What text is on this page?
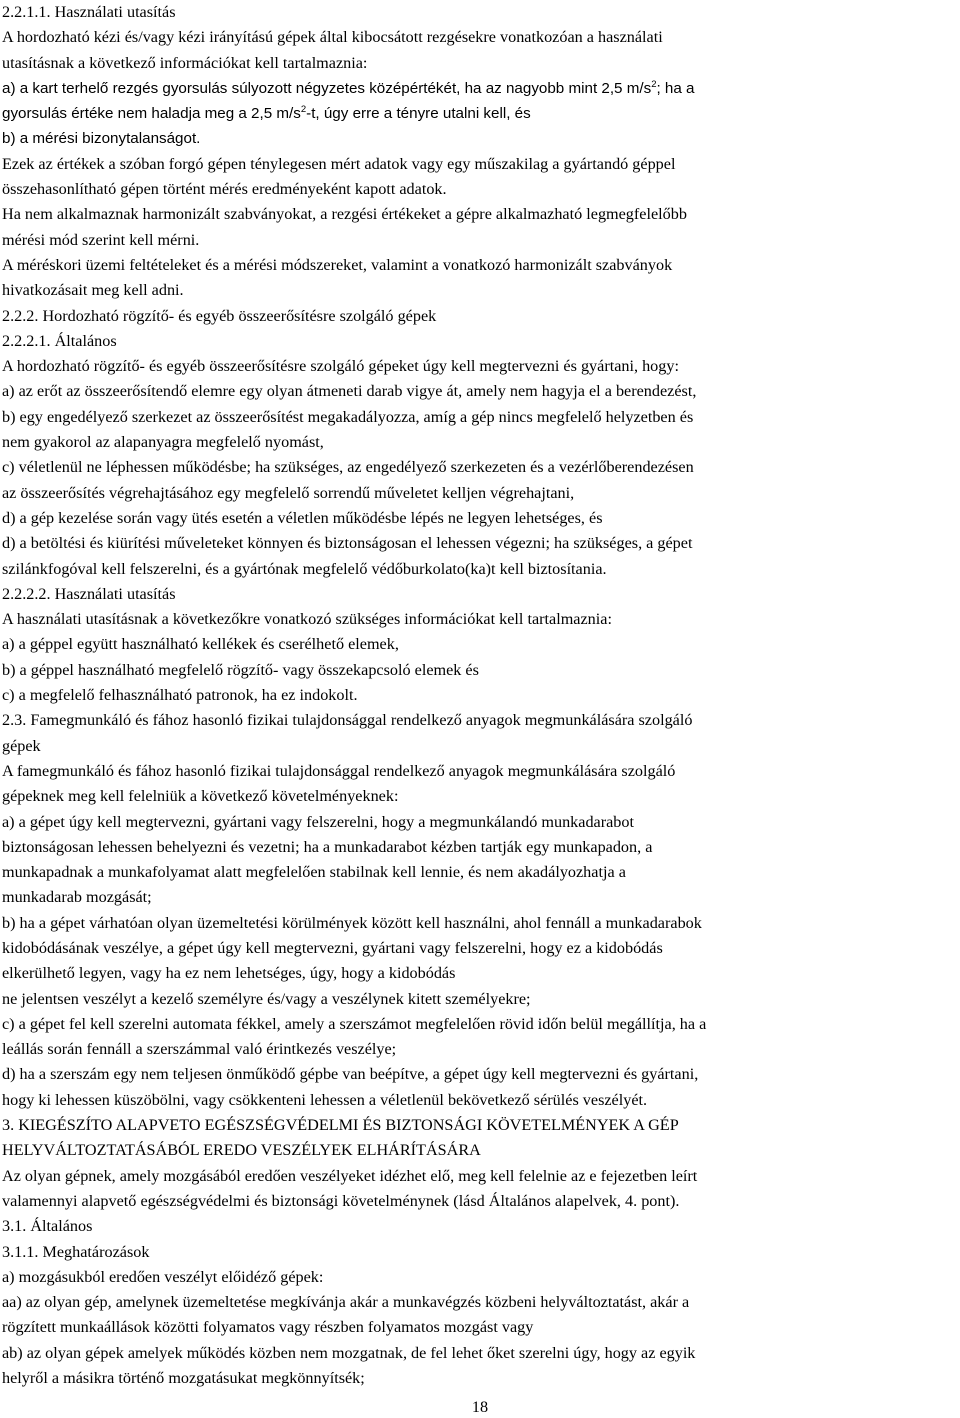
2.2.1.1. Használati utasítás
A hordozható kézi és/vagy kézi irányítású gépek által kibocsátott rezgésekre vonatkozóan a használati
utasításnak a következő információkat kell tartalmaznia:
a) a kart terhelő rezgés gyorsulás súlyozott négyzetes középértékét, ha az nagyobb mint 2,5 $m/s^2$; ha a
gyorsulás értéke nem haladja meg a 2,5 $m/s^2-t$, úgy erre a tényre utalni kell, és
b) a mérési bizonytalanságot.
Ezek az értékek a szóban forgó gépen ténylegesen mért adatok vagy egy műszakilag a gyártandó géppel
összehasonlítható gépen történt mérés eredményeként kapott adatok.
Ha nem alkalmaznak harmonizált szabványokat, a rezgési értékeket a gépre alkalmazható legmegfelelőbb
mérési mód szerint kell mérni.
A méréskori üzemi feltételeket és a mérési módszereket, valamint a vonatkozó harmonizált szabványok
hivatkozásait meg kell adni.
2.2.2. Hordozható rögzítő- és egyéb összeerősítésre szolgáló gépek
2.2.2.1. Általános
A hordozható rögzítő- és egyéb összeerősítésre szolgáló gépeket úgy kell megtervezni és gyártani, hogy:
a) az erőt az összeerősítendő elemre egy olyan átmeneti darab vigye át, amely nem hagyja el a berendezést,
b) egy engedélyező szerkezet az összeerősítést megakadályozza, amíg a gép nincs megfelelő helyzetben és
nem gyakorol az alapanyagra megfelelő nyomást,
c) véletlenül ne léphessen működésbe; ha szükséges, az engedélyező szerkezeten és a vezérlőberendezésen
az összeerősítés végrehajtásához egy megfelelő sorrendű műveletet kelljen végrehajtani,
d) a gép kezelése során vagy ütés esetén a véletlen működésbe lépés ne legyen lehetséges, és
d) a betöltési és kiürítési műveleteket könnyen és biztonságosan el lehessen végezni; ha szükséges, a gépet
szilánkfogóval kell felszerelni, és a gyártónak megfelelő védőburkolato(ka)t kell biztosítania.
2.2.2.2. Használati utasítás
A használati utasításnak a következőkre vonatkozó szükséges információkat kell tartalmaznia:
a) a géppel együtt használható kellékek és cserélhető elemek,
b) a géppel használható megfelelő rögzítő- vagy összekapcsoló elemek és
c) a megfelelő felhasználható patronok, ha ez indokolt.
2.3. Famegmunkáló és fához hasonló fizikai tulajdonsággal rendelkező anyagok megmunkálására szolgáló
gépek
A famegmunkáló és fához hasonló fizikai tulajdonsággal rendelkező anyagok megmunkálására szolgáló
gépeknek meg kell felelniük a következő követelményeknek:
a) a gépet úgy kell megtervezni, gyártani vagy felszerelni, hogy a megmunkálandó munkadarabot
biztonságosan lehessen behelyezni és vezetni; ha a munkadarabot kézben tartják egy munkapadon, a
munkapadnak a munkafolyamat alatt megfelelően stabilnak kell lennie, és nem akadályozhatja a
munkadarab mozgását;
b) ha a gépet várhatóan olyan üzemeltetési körülmények között kell használni, ahol fennáll a munkadarabok
kidobódásának veszélye, a gépet úgy kell megtervezni, gyártani vagy felszerelni, hogy ez a kidobódás
elkerülhető legyen, vagy ha ez nem lehetséges, úgy, hogy a kidobódás
ne jelentsen veszélyt a kezelő személyre és/vagy a veszélynek kitett személyekre;
c) a gépet fel kell szerelni automata fékkel, amely a szerszámot megfelelően rövid időn belül megállítja, ha a
leállás során fennáll a szerszámmal való érintkezés veszélye;
d) ha a szerszám egy nem teljesen önműködő gépbe van beépítve, a gépet úgy kell megtervezni és gyártani,
hogy ki lehessen küszöbölni, vagy csökkenteni lehessen a véletlenül bekövetkező sérülés veszélyét.
3. KIEGÉSZÍTO ALAPVETO EGÉSZSÉGVÉDELMI ÉS BIZTONSÁGI KÖVETELMÉNYEK A GÉP
HELYVÁLTOZTATÁSÁBÓL EREDO VESZÉLYEK ELHÁRÍTÁSÁRA
Az olyan gépnek, amely mozgásából eredően veszélyeket idézhet elő, meg kell felelnie az e fejezetben leírt
valamennyi alapvető egészségvédelmi és biztonsági követelménynek (lásd Általános alapelvek, 4. pont).
3.1. Általános
3.1.1. Meghatározások
a) mozgásukból eredően veszélyt előidéző gépek:
aa) az olyan gép, amelynek üzemeltetése megkívánja akár a munkavégzés közbeni helyváltoztatást, akár a
rögzített munkaállások közötti folyamatos vagy részben folyamatos mozgást vagy
ab) az olyan gépek amelyek működés közben nem mozgatnak, de fel lehet őket szerelni úgy, hogy az egyik
helyről a másikra történő mozgatásukat megkönnyítsék;
18
